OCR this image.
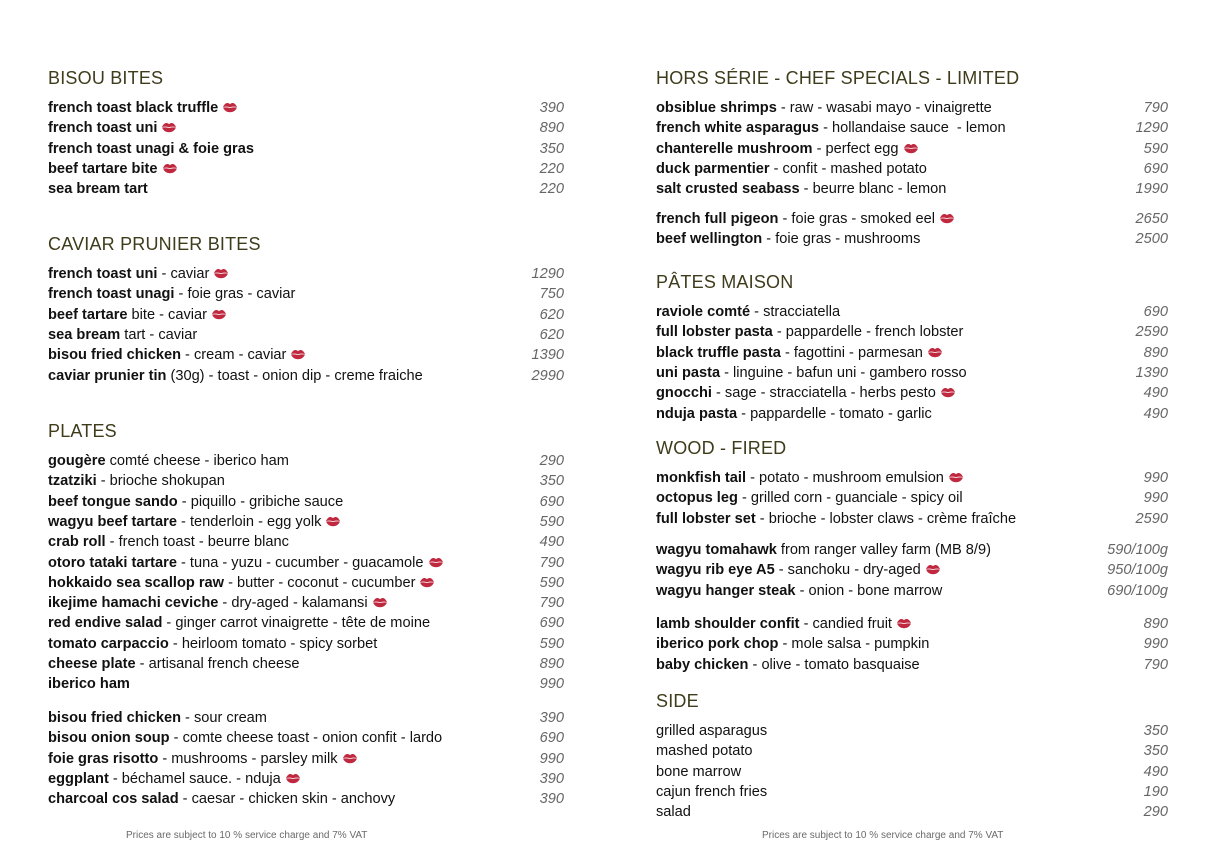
BISOU BITES
french toast black truffle	390
french toast uni	890
french toast unagi & foie gras	350
beef tartare bite	220
sea bream tart	220
CAVIAR PRUNIER BITES
french toast uni - caviar	1290
french toast unagi - foie gras - caviar	750
beef tartare bite - caviar	620
sea bream tart - caviar	620
bisou fried chicken - cream - caviar	1390
caviar prunier tin (30g) - toast - onion dip - creme fraiche	2990
PLATES
gougère comté cheese - iberico ham	290
tzatziki - brioche shokupan	350
beef tongue sando - piquillo - gribiche sauce	690
wagyu beef tartare - tenderloin - egg yolk	590
crab roll - french toast - beurre blanc	490
otoro tataki tartare - tuna - yuzu - cucumber - guacamole	790
hokkaido sea scallop raw - butter - coconut - cucumber	590
ikejime hamachi ceviche - dry-aged - kalamansi	790
red endive salad - ginger carrot vinaigrette - tête de moine	690
tomato carpaccio - heirloom tomato - spicy sorbet	590
cheese plate - artisanal french cheese	890
iberico ham	990
bisou fried chicken - sour cream	390
bisou onion soup - comte cheese toast - onion confit - lardo	690
foie gras risotto - mushrooms - parsley milk	990
eggplant - béchamel sauce. - nduja	390
charcoal cos salad - caesar - chicken skin - anchovy	390
HORS SÉRIE - CHEF SPECIALS - LIMITED
obsiblue shrimps - raw - wasabi mayo - vinaigrette	790
french white asparagus - hollandaise sauce  - lemon	1290
chanterelle mushroom - perfect egg	590
duck parmentier - confit - mashed potato	690
salt crusted seabass - beurre blanc - lemon	1990
french full pigeon - foie gras - smoked eel	2650
beef wellington - foie gras - mushrooms	2500
PÂTES MAISON
raviole comté - stracciatella	690
full lobster pasta - pappardelle - french lobster	2590
black truffle pasta - fagottini - parmesan	890
uni pasta - linguine - bafun uni - gambero rosso	1390
gnocchi - sage - stracciatella - herbs pesto	490
nduja pasta - pappardelle - tomato - garlic	490
WOOD - FIRED
monkfish tail - potato - mushroom emulsion	990
octopus leg - grilled corn - guanciale - spicy oil	990
full lobster set - brioche - lobster claws - crème fraîche	2590
wagyu tomahawk from ranger valley farm (MB 8/9)	590/100g
wagyu rib eye A5 - sanchoku - dry-aged	950/100g
wagyu hanger steak - onion - bone marrow	690/100g
lamb shoulder confit - candied fruit	890
iberico pork chop - mole salsa - pumpkin	990
baby chicken - olive - tomato basquaise	790
SIDE
grilled asparagus	350
mashed potato	350
bone marrow	490
cajun french fries	190
salad	290
Prices are subject to 10 % service charge and 7% VAT	Prices are subject to 10 % service charge and 7% VAT
